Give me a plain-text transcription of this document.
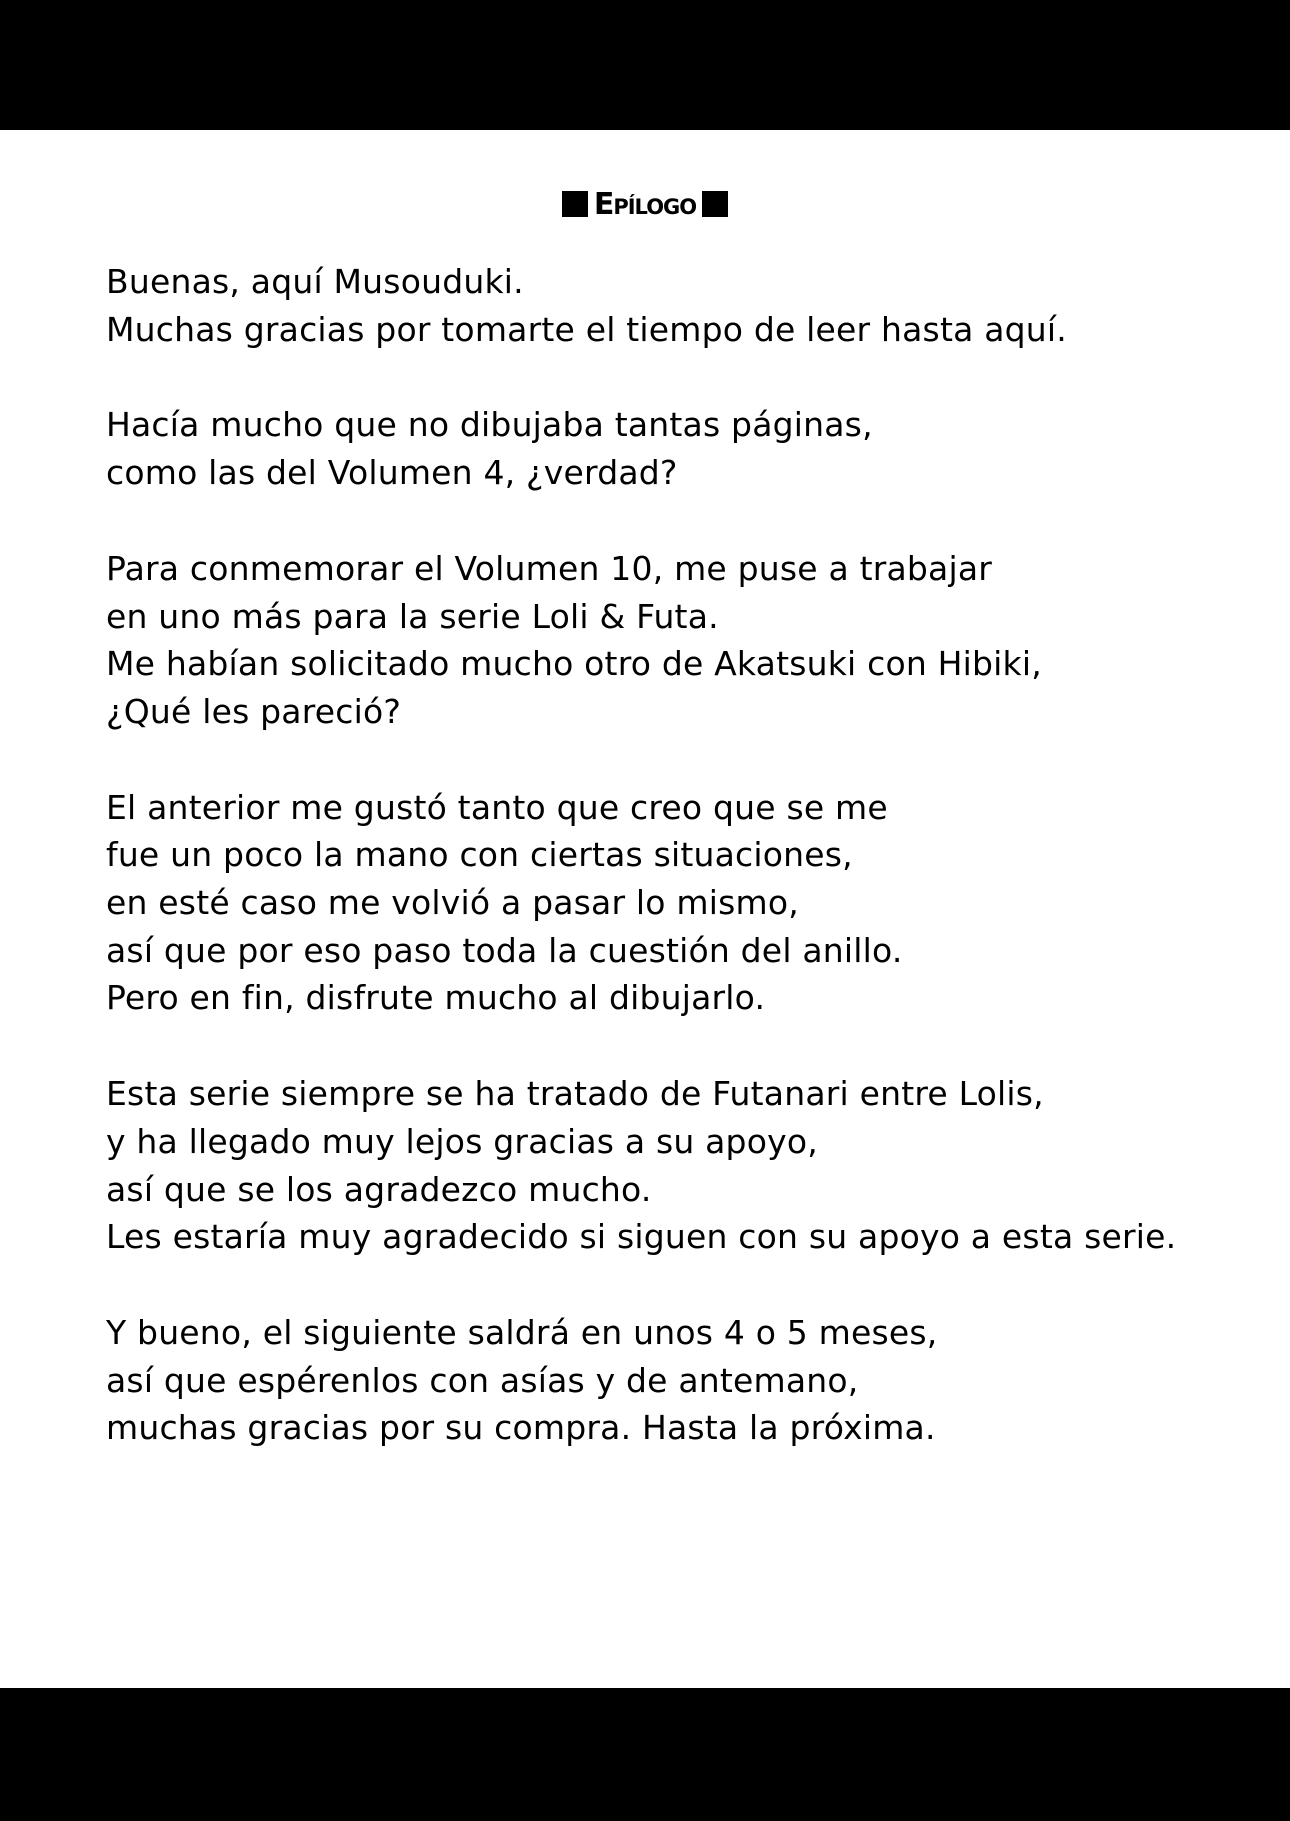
Epílogo
Buenas, aquí Musouduki.
Muchas gracias por tomarte el tiempo de leer hasta aquí.
Hacía mucho que no dibujaba tantas páginas,
como las del Volumen 4, ¿verdad?
Para conmemorar el Volumen 10, me puse a trabajar
en uno más para la serie Loli & Futa.
Me habían solicitado mucho otro de Akatsuki con Hibiki,
¿Qué les pareció?
El anterior me gustó tanto que creo que se me
fue un poco la mano con ciertas situaciones,
en esté caso me volvió a pasar lo mismo,
así que por eso paso toda la cuestión del anillo.
Pero en fin, disfrute mucho al dibujarlo.
Esta serie siempre se ha tratado de Futanari entre Lolis,
y ha llegado muy lejos gracias a su apoyo,
así que se los agradezco mucho.
Les estaría muy agradecido si siguen con su apoyo a esta serie.
Y bueno, el siguiente saldrá en unos 4 o 5 meses,
así que espérenlos con asías y de antemano,
muchas gracias por su compra. Hasta la próxima.
